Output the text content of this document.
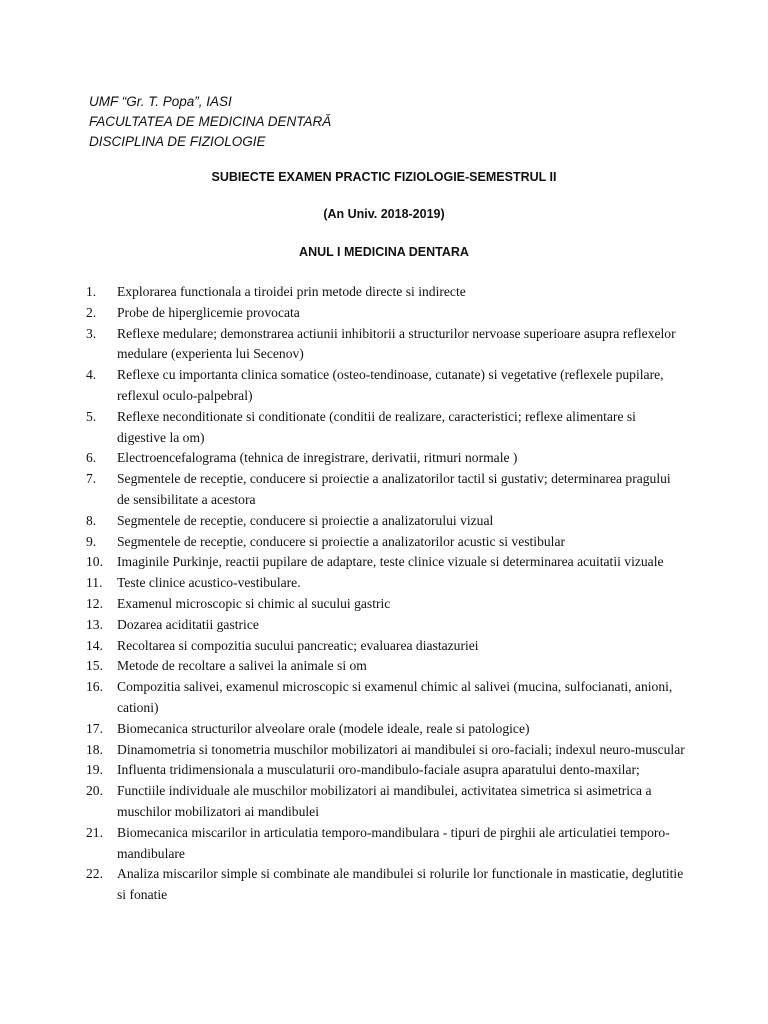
UMF “Gr. T. Popa”, IASI
FACULTATEA DE MEDICINA DENTARĂ
DISCIPLINA DE FIZIOLOGIE
SUBIECTE EXAMEN PRACTIC FIZIOLOGIE-SEMESTRUL II
(An Univ. 2018-2019)
ANUL I MEDICINA DENTARA
1.	Explorarea functionala a tiroidei prin metode directe si indirecte
2.	Probe de hiperglicemie provocata
3.	Reflexe medulare; demonstrarea actiunii inhibitorii a structurilor nervoase superioare asupra reflexelor medulare (experienta lui Secenov)
4.	Reflexe cu importanta clinica somatice (osteo-tendinoase, cutanate) si vegetative (reflexele pupilare, reflexul oculo-palpebral)
5.	Reflexe neconditionate si conditionate (conditii de realizare, caracteristici; reflexe alimentare si digestive la om)
6.	Electroencefalograma (tehnica de inregistrare, derivatii, ritmuri normale )
7.	Segmentele de receptie, conducere si proiectie a analizatorilor tactil si gustativ; determinarea pragului de sensibilitate a acestora
8.	Segmentele de receptie, conducere si proiectie a analizatorului vizual
9.	Segmentele de receptie, conducere si proiectie a analizatorilor acustic si vestibular
10.	Imaginile Purkinje, reactii pupilare de adaptare, teste clinice vizuale si determinarea acuitatii vizuale
11.	Teste clinice acustico-vestibulare.
12.	Examenul microscopic si chimic al sucului gastric
13.	Dozarea aciditatii gastrice
14.	Recoltarea si compozitia sucului pancreatic; evaluarea diastazuriei
15.	Metode de recoltare a salivei la animale si om
16.	Compozitia salivei, examenul microscopic si examenul chimic al salivei (mucina, sulfocianati, anioni, cationi)
17.	Biomecanica structurilor alveolare orale (modele ideale, reale si patologice)
18.	Dinamometria si tonometria muschilor mobilizatori ai mandibulei si oro-faciali; indexul neuro-muscular
19.	Influenta tridimensionala a musculaturii oro-mandibulo-faciale asupra aparatului dento-maxilar;
20.	Functiile individuale ale muschilor mobilizatori ai mandibulei, activitatea simetrica si asimetrica a muschilor mobilizatori ai mandibulei
21.	Biomecanica miscarilor in articulatia temporo-mandibulara - tipuri de pirghii ale articulatiei temporo-mandibulare
22.	Analiza miscarilor simple si combinate ale mandibulei si rolurile lor functionale in masticatie, deglutitie si fonatie
